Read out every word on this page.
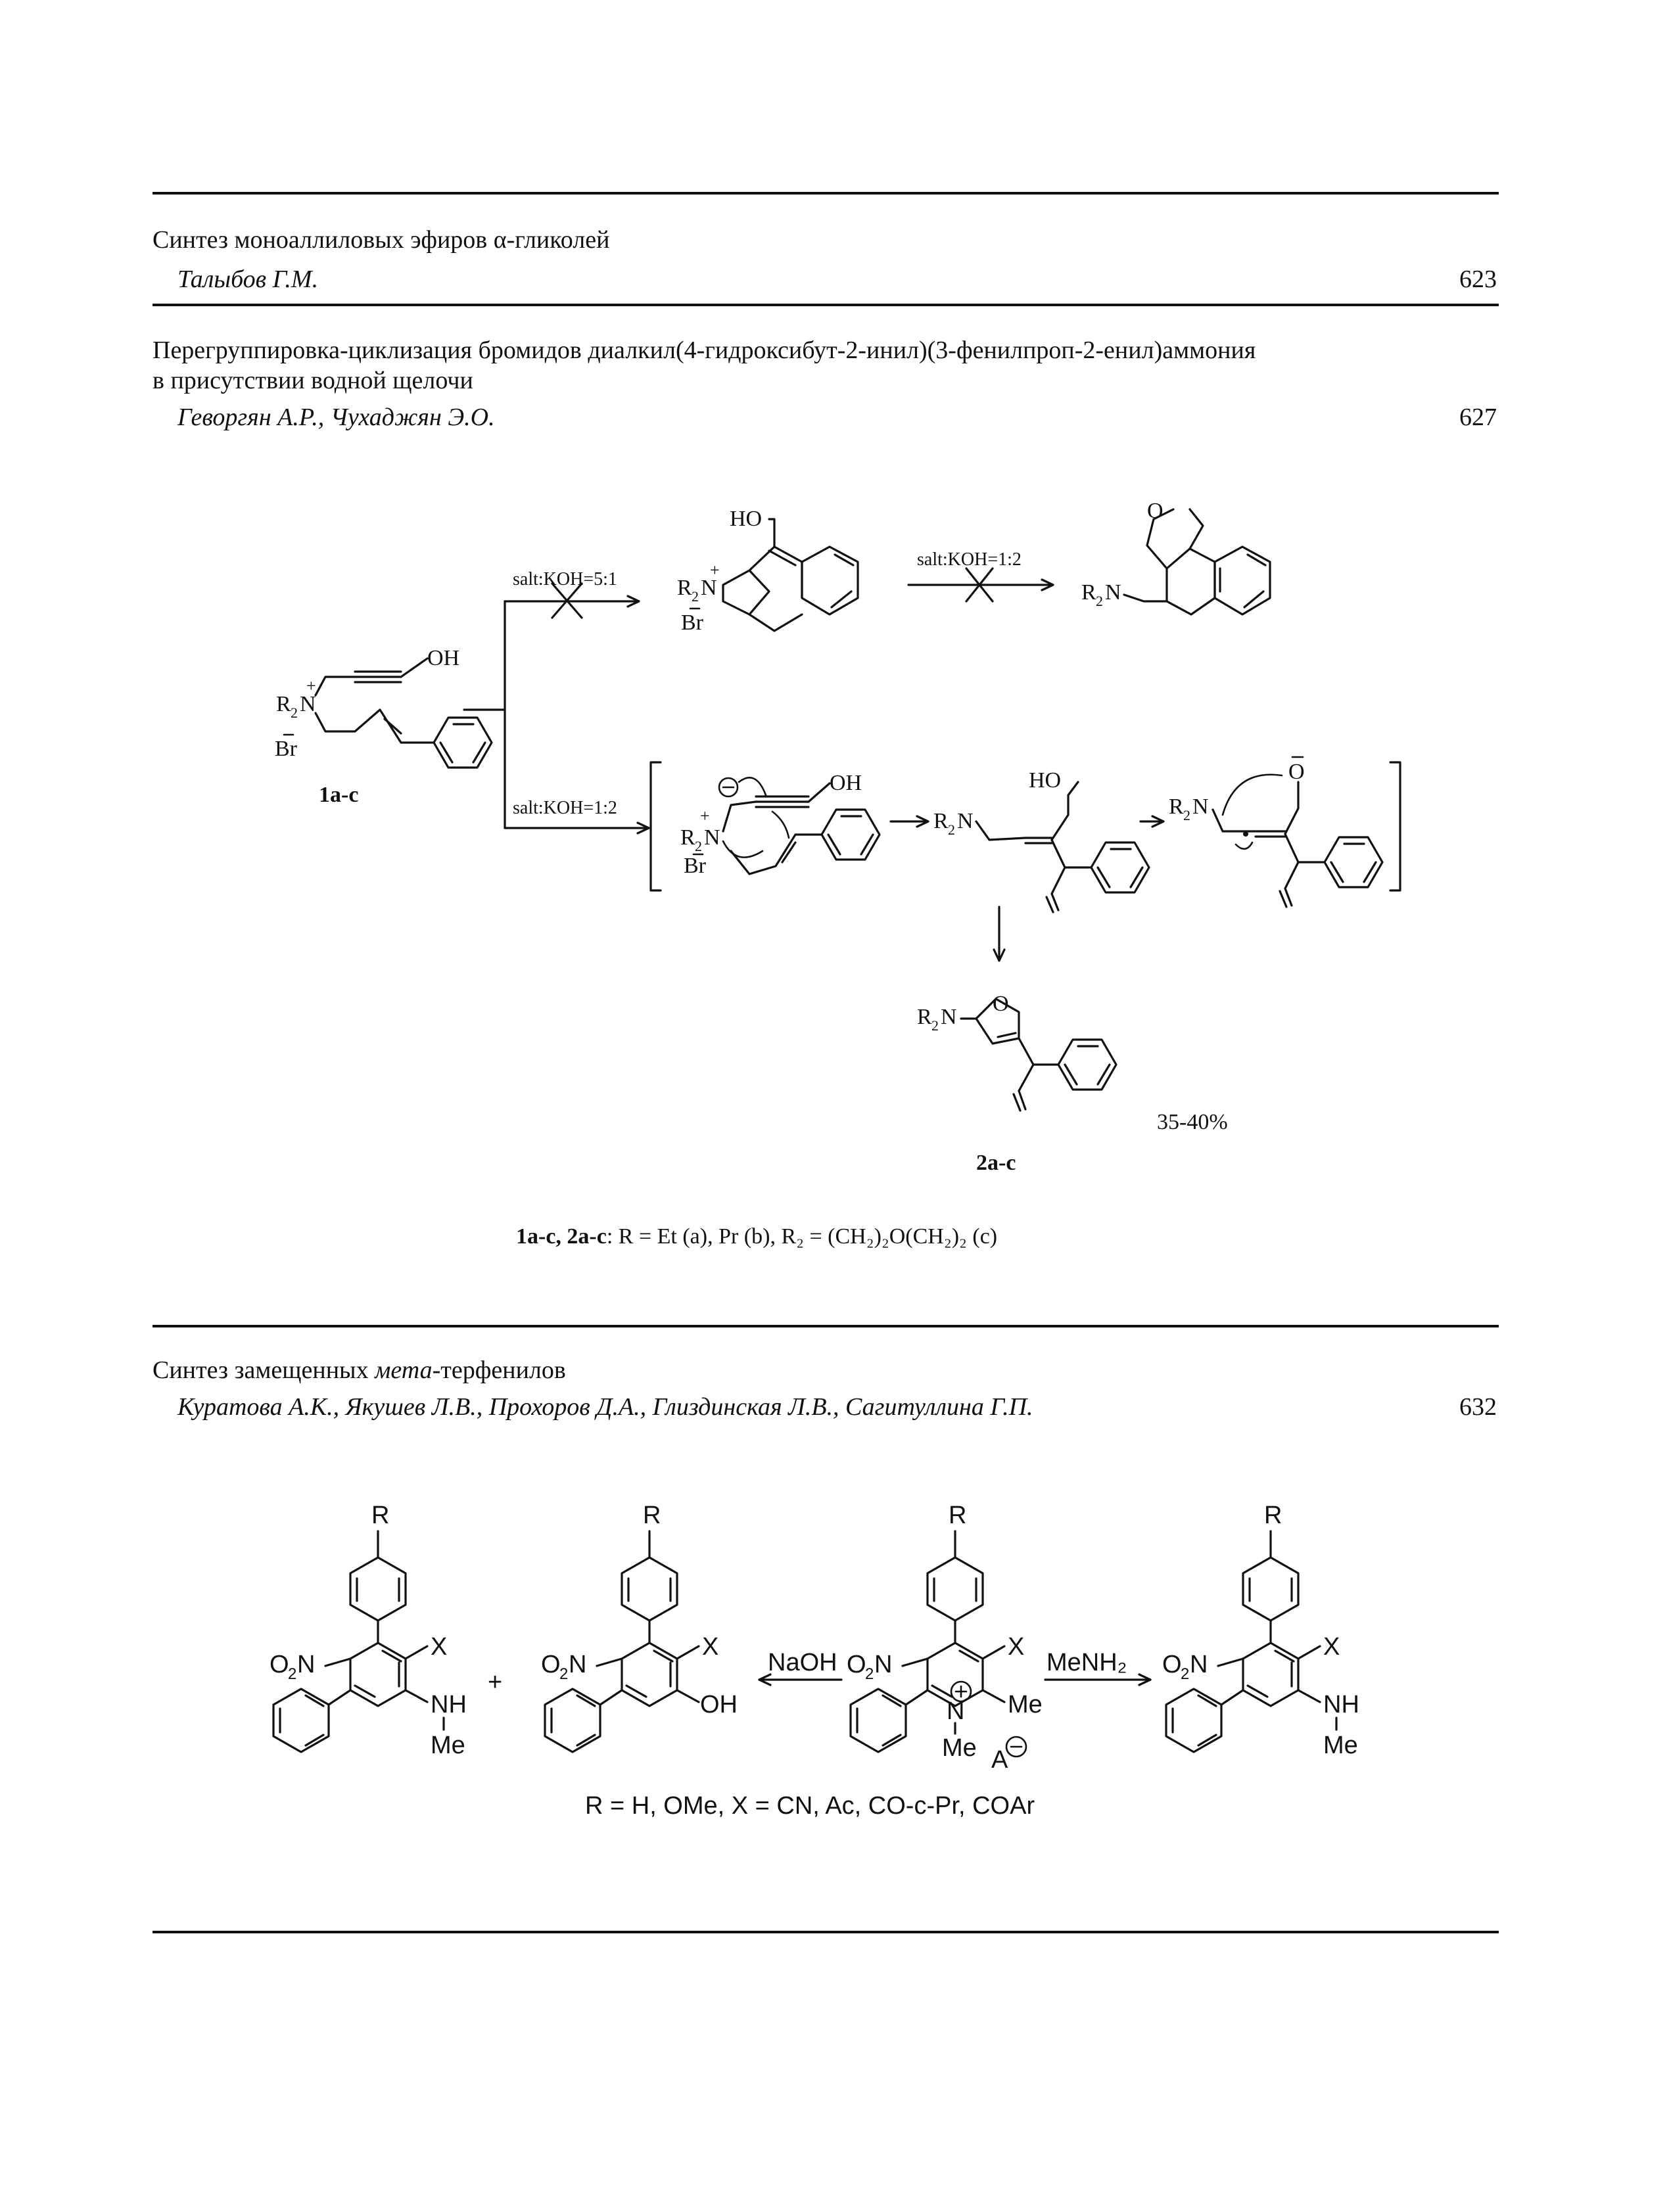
Синтез моноаллиловых эфиров α-гликолей
Талыбов Г.М.	623
Перегруппировка-циклизация бромидов диалкил(4-гидроксибут-2-инил)(3-фенилпроп-2-енил)аммония
в присутствии водной щелочи
Геворгян А.Р., Чухаджян Э.О.	627
Синтез замещенных мета-терфенилов
Куратова А.К., Якушев Л.В., Прохоров Д.А., Глиздинская Л.В., Сагитуллина Г.П.	632
R 2 N
+
Br
OH
1a-c
salt:KOH=5:1
salt:KOH=1:2
R 2 N
+
Br
HO
salt:KOH=1:2
R 2 N
O
R 2 N
Br
+
OH
R 2 N
HO
R 2 N
O
R 2 N
O
35-40%
2a-c
1a-c, 2a-c: R = Et (a), Pr (b), R₂ = (CH₂)₂O(CH₂)₂ (c)
R
O
2 N
X
NH
Me
+
R
O
2 N
X
OH
NaOH
R
O
2 N
X
Me
N
Me A
MeNH₂
R
O
2 N
X
NH
Me
R = H, OMe, X = CN, Ac, CO-c-Pr, COAr
